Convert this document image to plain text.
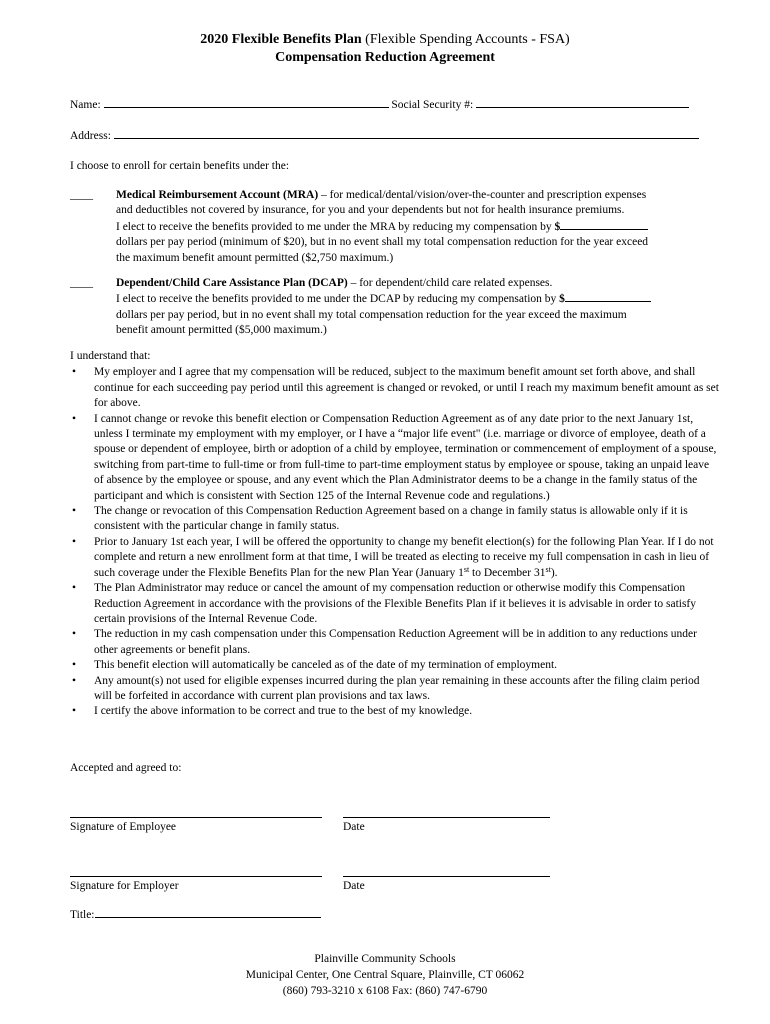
2020 Flexible Benefits Plan (Flexible Spending Accounts - FSA)
Compensation Reduction Agreement
Name:	Social Security #:
Address:
I choose to enroll for certain benefits under the:
____ Medical Reimbursement Account (MRA) – for medical/dental/vision/over-the-counter and prescription expenses
and deductibles not covered by insurance, for you and your dependents but not for health insurance premiums.
I elect to receive the benefits provided to me under the MRA by reducing my compensation by $
dollars per pay period (minimum of $20), but in no event shall my total compensation reduction for the year exceed
the maximum benefit amount permitted ($2,750 maximum.)
____ Dependent/Child Care Assistance Plan (DCAP) – for dependent/child care related expenses.
I elect to receive the benefits provided to me under the DCAP by reducing my compensation by $
dollars per pay period, but in no event shall my total compensation reduction for the year exceed the maximum
benefit amount permitted ($5,000 maximum.)
I understand that:
• My employer and I agree that my compensation will be reduced, subject to the maximum benefit amount set forth above, and shall continue for each succeeding pay period until this agreement is changed or revoked, or until I reach my maximum benefit amount as set for above.
• I cannot change or revoke this benefit election or Compensation Reduction Agreement as of any date prior to the next January 1st, unless I terminate my employment with my employer, or I have a “major life event" (i.e. marriage or divorce of employee, death of a spouse or dependent of employee, birth or adoption of a child by employee, termination or commencement of employment of a spouse, switching from part-time to full-time or from full-time to part-time employment status by employee or spouse, taking an unpaid leave of absence by the employee or spouse, and any event which the Plan Administrator deems to be a change in the family status of the participant and which is consistent with Section 125 of the Internal Revenue code and regulations.)
• The change or revocation of this Compensation Reduction Agreement based on a change in family status is allowable only if it is consistent with the particular change in family status.
• Prior to January 1st each year, I will be offered the opportunity to change my benefit election(s) for the following Plan Year. If I do not complete and return a new enrollment form at that time, I will be treated as electing to receive my full compensation in cash in lieu of such coverage under the Flexible Benefits Plan for the new Plan Year (January 1st to December 31st).
• The Plan Administrator may reduce or cancel the amount of my compensation reduction or otherwise modify this Compensation Reduction Agreement in accordance with the provisions of the Flexible Benefits Plan if it believes it is advisable in order to satisfy certain provisions of the Internal Revenue Code.
• The reduction in my cash compensation under this Compensation Reduction Agreement will be in addition to any reductions under other agreements or benefit plans.
• This benefit election will automatically be canceled as of the date of my termination of employment.
• Any amount(s) not used for eligible expenses incurred during the plan year remaining in these accounts after the filing claim period will be forfeited in accordance with current plan provisions and tax laws.
• I certify the above information to be correct and true to the best of my knowledge.
Accepted and agreed to:
Signature of Employee	Date
Signature for Employer	Date
Title:
Plainville Community Schools
Municipal Center, One Central Square, Plainville, CT 06062
(860) 793-3210 x 6108 Fax: (860) 747-6790
